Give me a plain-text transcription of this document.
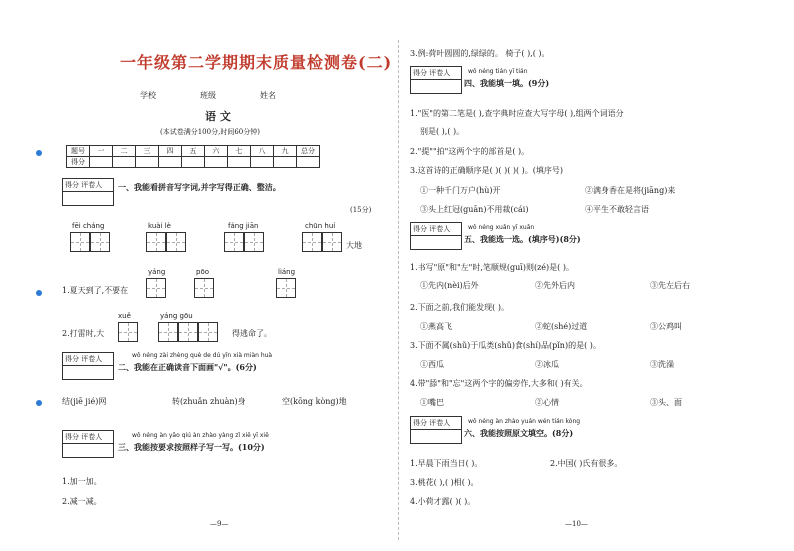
一年级第二学期期末质量检测卷(二)
学校	班级	姓名
语 文
(本试卷满分100分,时间60分钟)
题号	一	二	三	四	五	六	七	八	九	总分
得分										
得分 评卷人	一、我能看拼音写字词,并字写得正确、整洁。
(15分)
fēi cháng	kuài lè	fáng jiān	chūn huí
大地
yáng	pōo	liáng
1.夏天到了,不要在
xuě	yáng gōu
2.打雷时,大	得逃命了。
得分 评卷人	wǒ néng zài zhèng què de dú yīn xià miàn huà
二、我能在正确读音下面画"√"。(6分)
结(jiē jié)网	转(zhuǎn zhuàn)身	空(kōng kòng)地
得分 评卷人	wǒ néng àn yāo qiú àn zhào yàng zǐ xiě yī xiě
三、我能按要求按照样子写一写。(10分)
1.加一加。
2.减一减。
—9—
3.例:荷叶圆圆的,绿绿的。 椅子( ),( )。
得分 评卷人	wǒ néng tián yī tián
四、我能填一填。(9分)
1."医"的第二笔是( ),查字典时应查大写字母( ),组两个词语分
别是( ),( )。
2."提""拍"这两个字的部首是( )。
3.这首诗的正确顺序是( )( )( )( )。(填序号)
①一种千门万户(hù)开	②满身香在是将(jiāng)来
③头上红冠(guān)不用裁(cái)	④平生不敢轻言语
得分 评卷人	wǒ néng xuǎn yī xuǎn
五、我能选一选。(填序号)(8分)
1.书写"原"和"左"时,笔顺规(guī)则(zé)是( )。
①先内(nèi)后外	②先外后内	③先左后右
2.下面之前,我们能发现( )。
①燕高飞	②蛇(shé)过道	③公鸡叫
3.下面不属(shǔ)于瓜类(shǔ)食(shí)品(pǐn)的是( )。
①西瓜	②冰瓜	③洗澡
4.带"舔"和"忘"这两个字的偏旁作,大多和( )有关。
①嘴巴	②心情	③头、面
得分 评卷人	wǒ néng àn zhào yuán wén tián kòng
六、我能按照原文填空。(8分)
1.早晨下雨当日( )。	2.中国( )氏有很多。
3.桃花( ),( )相( )。
4.小荷才露( )( )。
—10—
